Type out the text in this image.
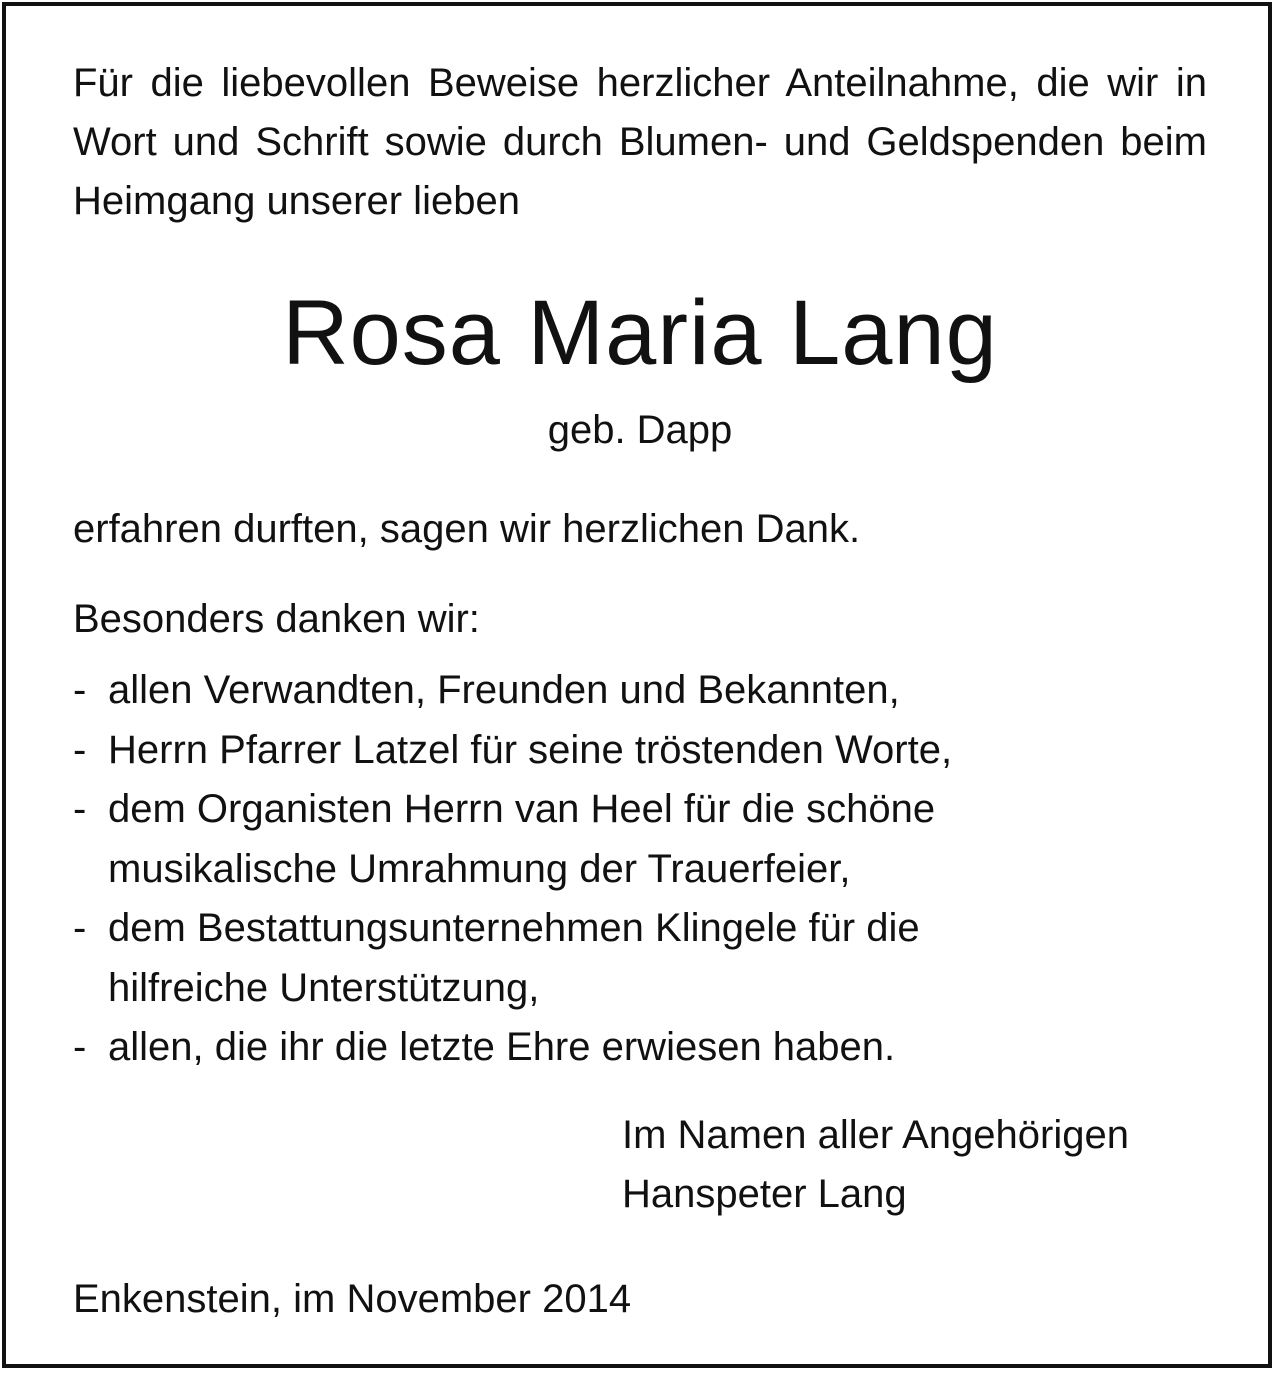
Für die liebevollen Beweise herzlicher Anteilnahme, die wir in Wort und Schrift sowie durch Blumen- und Geldspenden beim Heimgang unserer lieben

Rosa Maria Lang

geb. Dapp

erfahren durften, sagen wir herzlichen Dank.

Besonders danken wir:

- allen Verwandten, Freunden und Bekannten,
- Herrn Pfarrer Latzel für seine tröstenden Worte,
- dem Organisten Herrn van Heel für die schöne musikalische Umrahmung der Trauerfeier,
- dem Bestattungsunternehmen Klingele für die hilfreiche Unterstützung,
- allen, die ihr die letzte Ehre erwiesen haben.
Im Namen aller Angehörigen
Hanspeter Lang

Enkenstein, im November 2014
